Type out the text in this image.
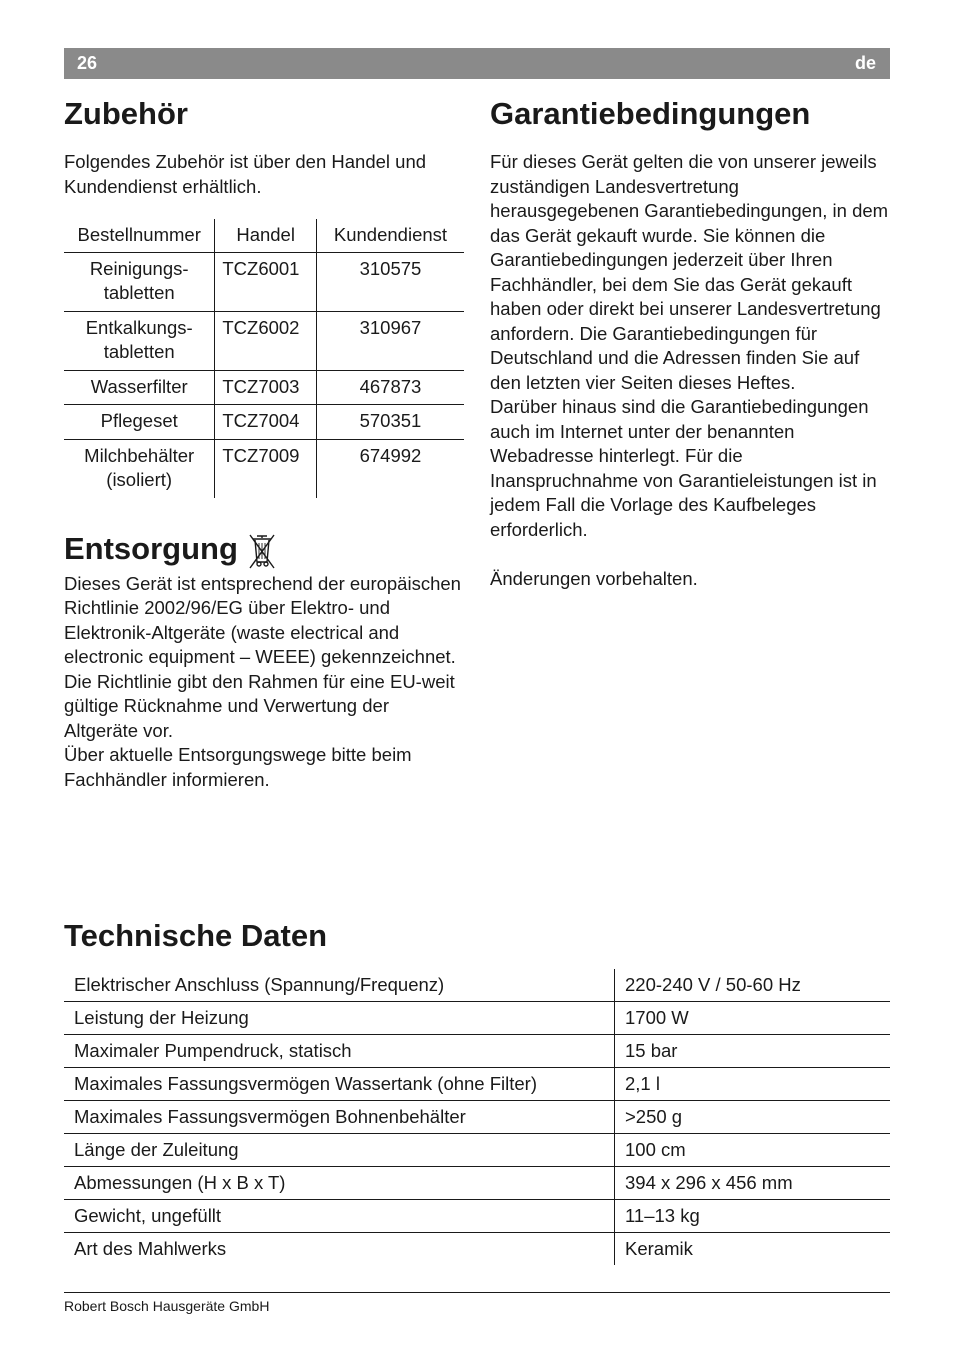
26	de
Zubehör

Folgendes Zubehör ist über den Handel und Kundendienst erhältlich.

Bestellnummer	Handel	Kundendienst
Reinigungs-
tabletten	TCZ6001	310575
Entkalkungs-
tabletten	TCZ6002	310967
Wasserfilter	TCZ7003	467873
Pflegeset	TCZ7004	570351
Milchbehälter
(isoliert)	TCZ7009	674992
Entsorgung

Dieses Gerät ist entsprechend der europäischen Richtlinie 2002/96/EG über Elektro- und Elektronik-Altgeräte (waste electrical and electronic equipment – WEEE) gekennzeichnet. Die Richtlinie gibt den Rahmen für eine EU-weit gültige Rücknahme und Verwertung der Altgeräte vor.
Über aktuelle Entsorgungswege bitte beim Fachhändler informieren.

Garantiebedingungen

Für dieses Gerät gelten die von unserer jeweils zuständigen Landesvertretung herausgegebenen Garantiebedingungen, in dem das Gerät gekauft wurde. Sie können die Garantiebedingungen jederzeit über Ihren Fachhändler, bei dem Sie das Gerät gekauft haben oder direkt bei unserer Landesvertretung anfordern. Die Garantiebedingungen für Deutschland und die Adressen finden Sie auf den letzten vier Seiten dieses Heftes.
Darüber hinaus sind die Garantiebedingungen auch im Internet unter der benannten Webadresse hinterlegt. Für die Inanspruchnahme von Garantieleistungen ist in jedem Fall die Vorlage des Kaufbeleges erforderlich.

Änderungen vorbehalten.

Technische Daten
Elektrischer Anschluss (Spannung/Frequenz)	220-240 V / 50-60 Hz
Leistung der Heizung	1700 W
Maximaler Pumpendruck, statisch	15 bar
Maximales Fassungsvermögen Wassertank (ohne Filter)	2,1 l
Maximales Fassungsvermögen Bohnenbehälter	>250 g
Länge der Zuleitung	100 cm
Abmessungen (H x B x T)	394 x 296 x 456 mm
Gewicht, ungefüllt	11–13 kg
Art des Mahlwerks	Keramik
Robert Bosch Hausgeräte GmbH
